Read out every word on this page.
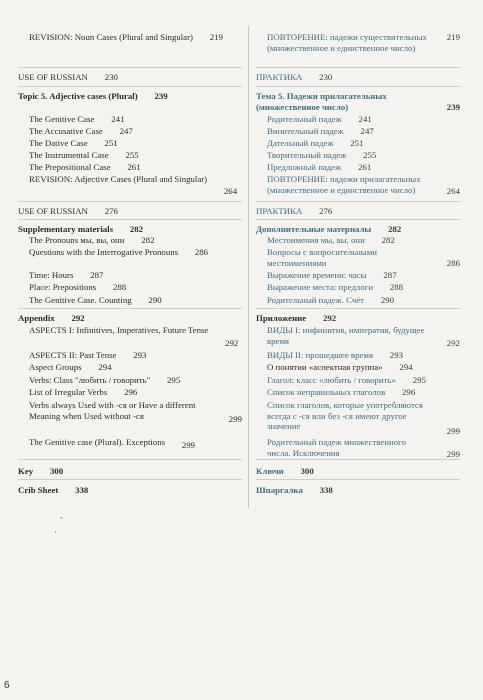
REVISION: Noun Cases (Plural and Singular)	219
USE OF RUSSIAN	230
Topic 5. Adjective cases (Plural)	239
The Genitive Case	241
The Accusative Case	247
The Dative Case	251
The Instrumental Case	255
The Prepositional Case	261
REVISION: Adjective Cases (Plural and Singular)
264
USE OF RUSSIAN	276
Supplementary materials	282
The Pronouns мы, вы, они	282
Questions with the Interrogative Pronouns	286
Time: Hours	287
Place: Prepositions	288
The Genitive Case. Counting	290
Appendix	292
ASPECTS I: Infinitives, Imperatives, Future Tense
292
ASPECTS II: Past Tense	293
Aspect Groups	294
Verbs: Class "любить / говорить"	295
List of Irregular Verbs	296
Verbs always Used with -ся or Have a different Meaning when Used without -ся	299
The Genitive case (Plural). Exceptions	299
Key	300
Crib Sheet	338
ПОВТОРЕНИЕ: падежи существительных (множественное и единственное число)
219
ПРАКТИКА	230
Тема 5. Падежи прилагательных (множественное число)	239
Родительный падеж	241
Винительный падеж	247
Дательный падеж	251
Творительный падеж	255
Предложный падеж	261
ПОВТОРЕНИЕ: падежи прилагательных (множественное и единственное число)	264
ПРАКТИКА	276
Дополнительные материалы	282
Местоимения мы, вы, они	282
Вопросы с вопросительными местоимениями	286
Выражение времени: часы	287
Выражение места: предлоги	288
Родительный падеж. Счёт	290
Приложение	292
ВИДЫ I: инфинитив, императив, будущее время	292
ВИДЫ II: прошедшее время	293
О понятии «аспектная группа»	294
Глагол: класс «любить / говорить»	295
Список неправильных глаголов	296
Список глаголов, которые употребляются всегда с -ся или без -ся имеют другое значение	299
Родительный падеж множественного числа. Исключения	299
Ключи	300
Шпаргалка	338
-
·
6
